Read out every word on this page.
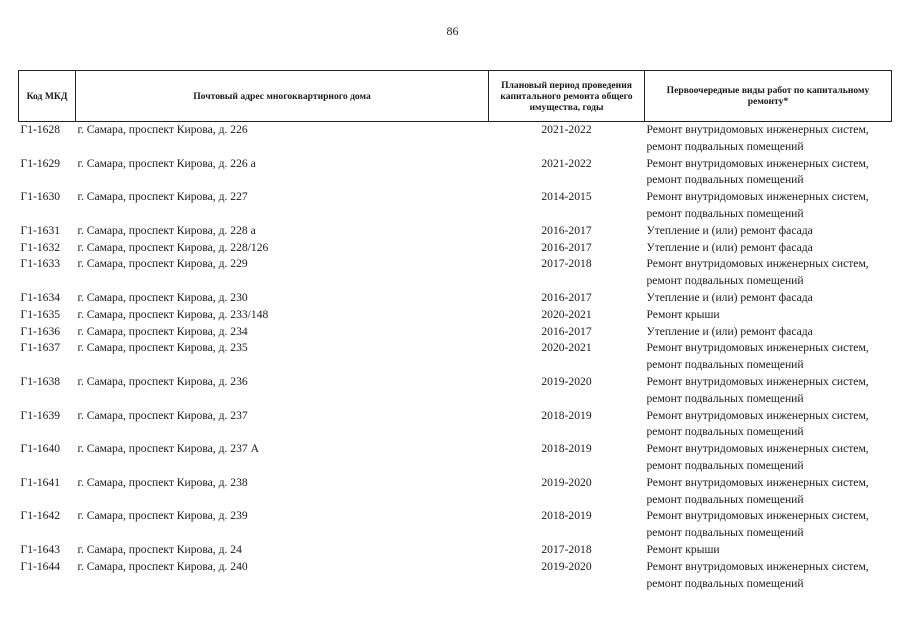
86
Код МКД	Почтовый адрес многоквартирного дома	Плановый период проведения капитального ремонта общего имущества, годы	Первоочередные виды работ по капитальному ремонту*
Г1-1628	г. Самара, проспект Кирова, д. 226	2021-2022	Ремонт внутридомовых инженерных систем,
ремонт подвальных помещений

Г1-1629	г. Самара, проспект Кирова, д. 226 а	2021-2022	Ремонт внутридомовых инженерных систем,
ремонт подвальных помещений

Г1-1630	г. Самара, проспект Кирова, д. 227	2014-2015	Ремонт внутридомовых инженерных систем,
ремонт подвальных помещений

Г1-1631	г. Самара, проспект Кирова, д. 228 а	2016-2017	Утепление и (или) ремонт фасада

Г1-1632	г. Самара, проспект Кирова, д. 228/126	2016-2017	Утепление и (или) ремонт фасада

Г1-1633	г. Самара, проспект Кирова, д. 229	2017-2018	Ремонт внутридомовых инженерных систем,
ремонт подвальных помещений

Г1-1634	г. Самара, проспект Кирова, д. 230	2016-2017	Утепление и (или) ремонт фасада

Г1-1635	г. Самара, проспект Кирова, д. 233/148	2020-2021	Ремонт крыши

Г1-1636	г. Самара, проспект Кирова, д. 234	2016-2017	Утепление и (или) ремонт фасада

Г1-1637	г. Самара, проспект Кирова, д. 235	2020-2021	Ремонт внутридомовых инженерных систем,
ремонт подвальных помещений

Г1-1638	г. Самара, проспект Кирова, д. 236	2019-2020	Ремонт внутридомовых инженерных систем,
ремонт подвальных помещений

Г1-1639	г. Самара, проспект Кирова, д. 237	2018-2019	Ремонт внутридомовых инженерных систем,
ремонт подвальных помещений

Г1-1640	г. Самара, проспект Кирова, д. 237 А	2018-2019	Ремонт внутридомовых инженерных систем,
ремонт подвальных помещений

Г1-1641	г. Самара, проспект Кирова, д. 238	2019-2020	Ремонт внутридомовых инженерных систем,
ремонт подвальных помещений

Г1-1642	г. Самара, проспект Кирова, д. 239	2018-2019	Ремонт внутридомовых инженерных систем,
ремонт подвальных помещений

Г1-1643	г. Самара, проспект Кирова, д. 24	2017-2018	Ремонт крыши

Г1-1644	г. Самара, проспект Кирова, д. 240	2019-2020	Ремонт внутридомовых инженерных систем,
ремонт подвальных помещений
